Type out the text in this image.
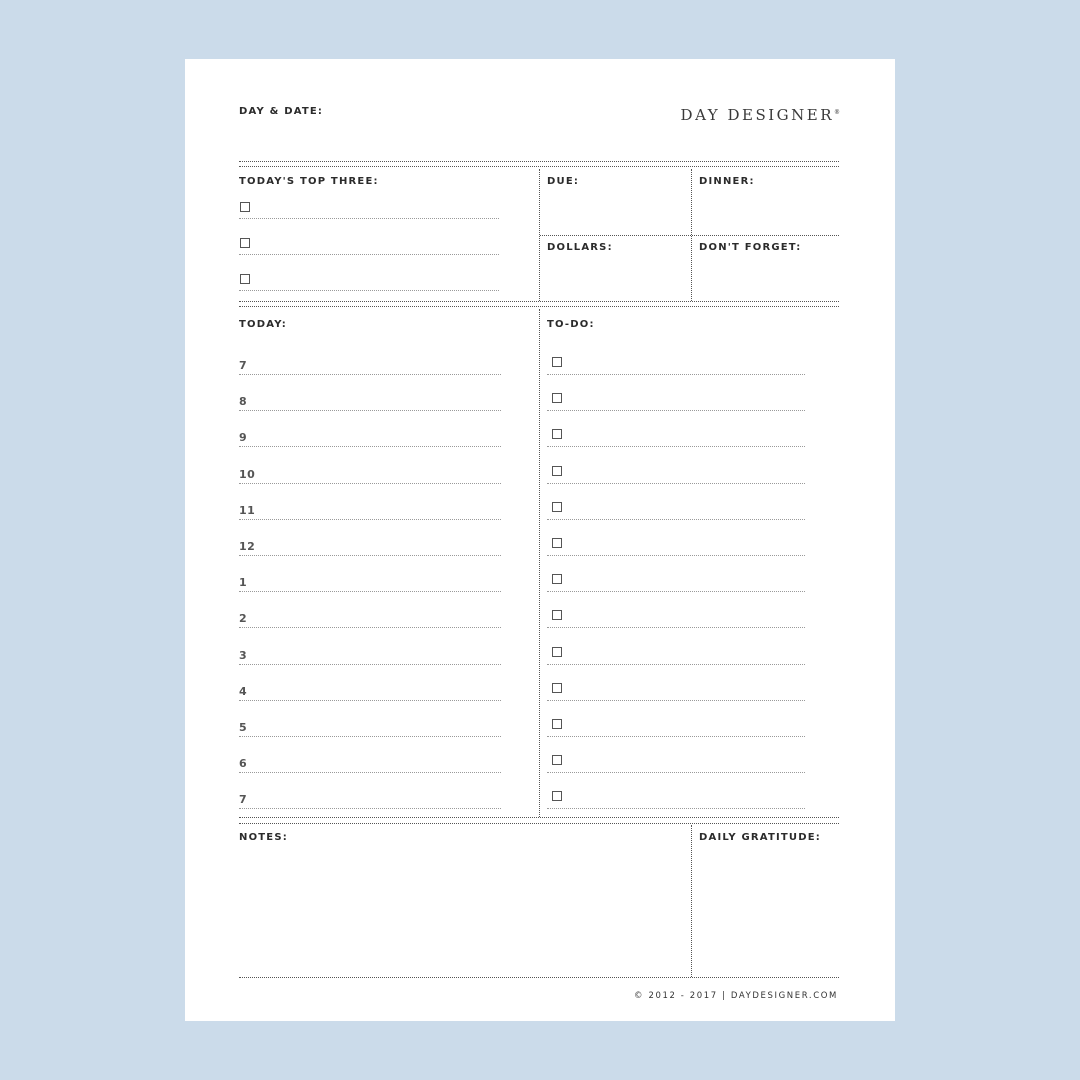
DAY & DATE:	DAY DESIGNER®
TODAY'S TOP THREE:	DUE:	DINNER:
DOLLARS:	DON'T FORGET:
TODAY:	TO-DO:
7
8
9
10
11
12
1
2
3
4
5
6
7
NOTES:	DAILY GRATITUDE:
© 2012 - 2017 | DAYDESIGNER.COM
